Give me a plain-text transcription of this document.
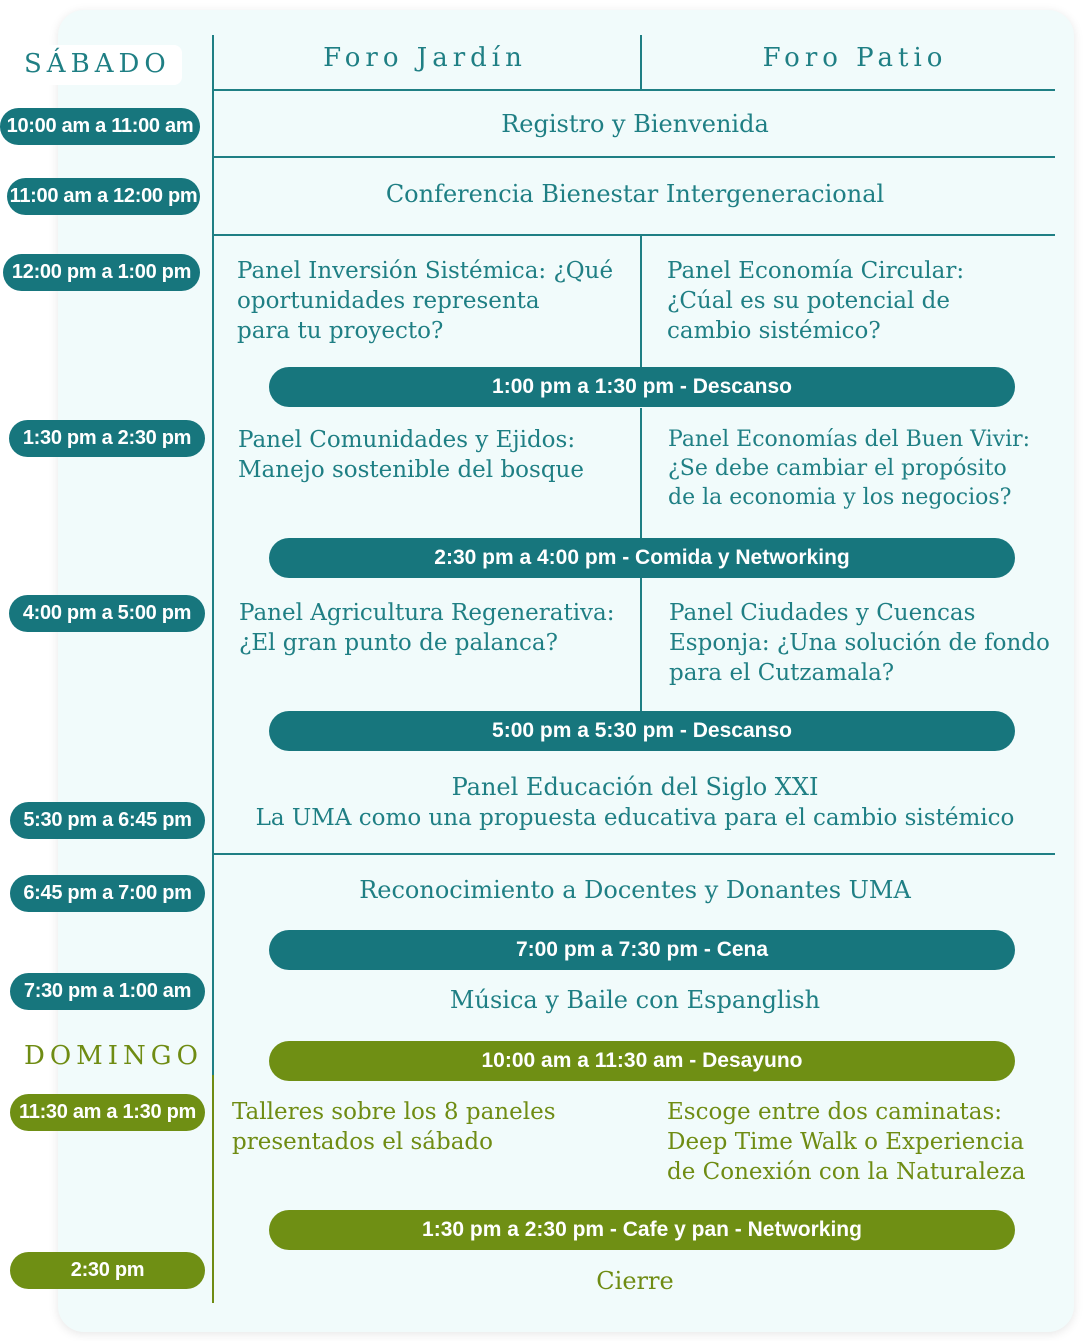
SÁBADO
DOMINGO
Foro Jardín	Foro Patio
10:00 am a 11:00 am
11:00 am a 12:00 pm
12:00 pm a 1:00 pm
1:30 pm a 2:30 pm
4:00 pm a 5:00 pm
5:30 pm a 6:45 pm
6:45 pm a 7:00 pm
7:30 pm a 1:00 am
11:30 am a 1:30 pm
2:30 pm
Registro y Bienvenida
Conferencia Bienestar Intergeneracional
Panel Educación del Siglo XXI
La UMA como una propuesta educativa para el cambio sistémico
Reconocimiento a Docentes y Donantes UMA
Música y Baile con Espanglish
Cierre
Panel Inversión Sistémica: ¿Qué
oportunidades representa
para tu proyecto?
Panel Economía Circular:
¿Cúal es su potencial de
cambio sistémico?
1:00 pm a 1:30 pm - Descanso
Panel Comunidades y Ejidos:
Manejo sostenible del bosque
Panel Economías del Buen Vivir:
¿Se debe cambiar el propósito
de la economia y los negocios?
2:30 pm a 4:00 pm - Comida y Networking
Panel Agricultura Regenerativa:
¿El gran punto de palanca?
Panel Ciudades y Cuencas
Esponja: ¿Una solución de fondo
para el Cutzamala?
5:00 pm a 5:30 pm - Descanso
7:00 pm a 7:30 pm - Cena
10:00 am a 11:30 am - Desayuno
Talleres sobre los 8 paneles
presentados el sábado
Escoge entre dos caminatas:
Deep Time Walk o Experiencia
de Conexión con la Naturaleza
1:30 pm a 2:30 pm - Cafe y pan - Networking
